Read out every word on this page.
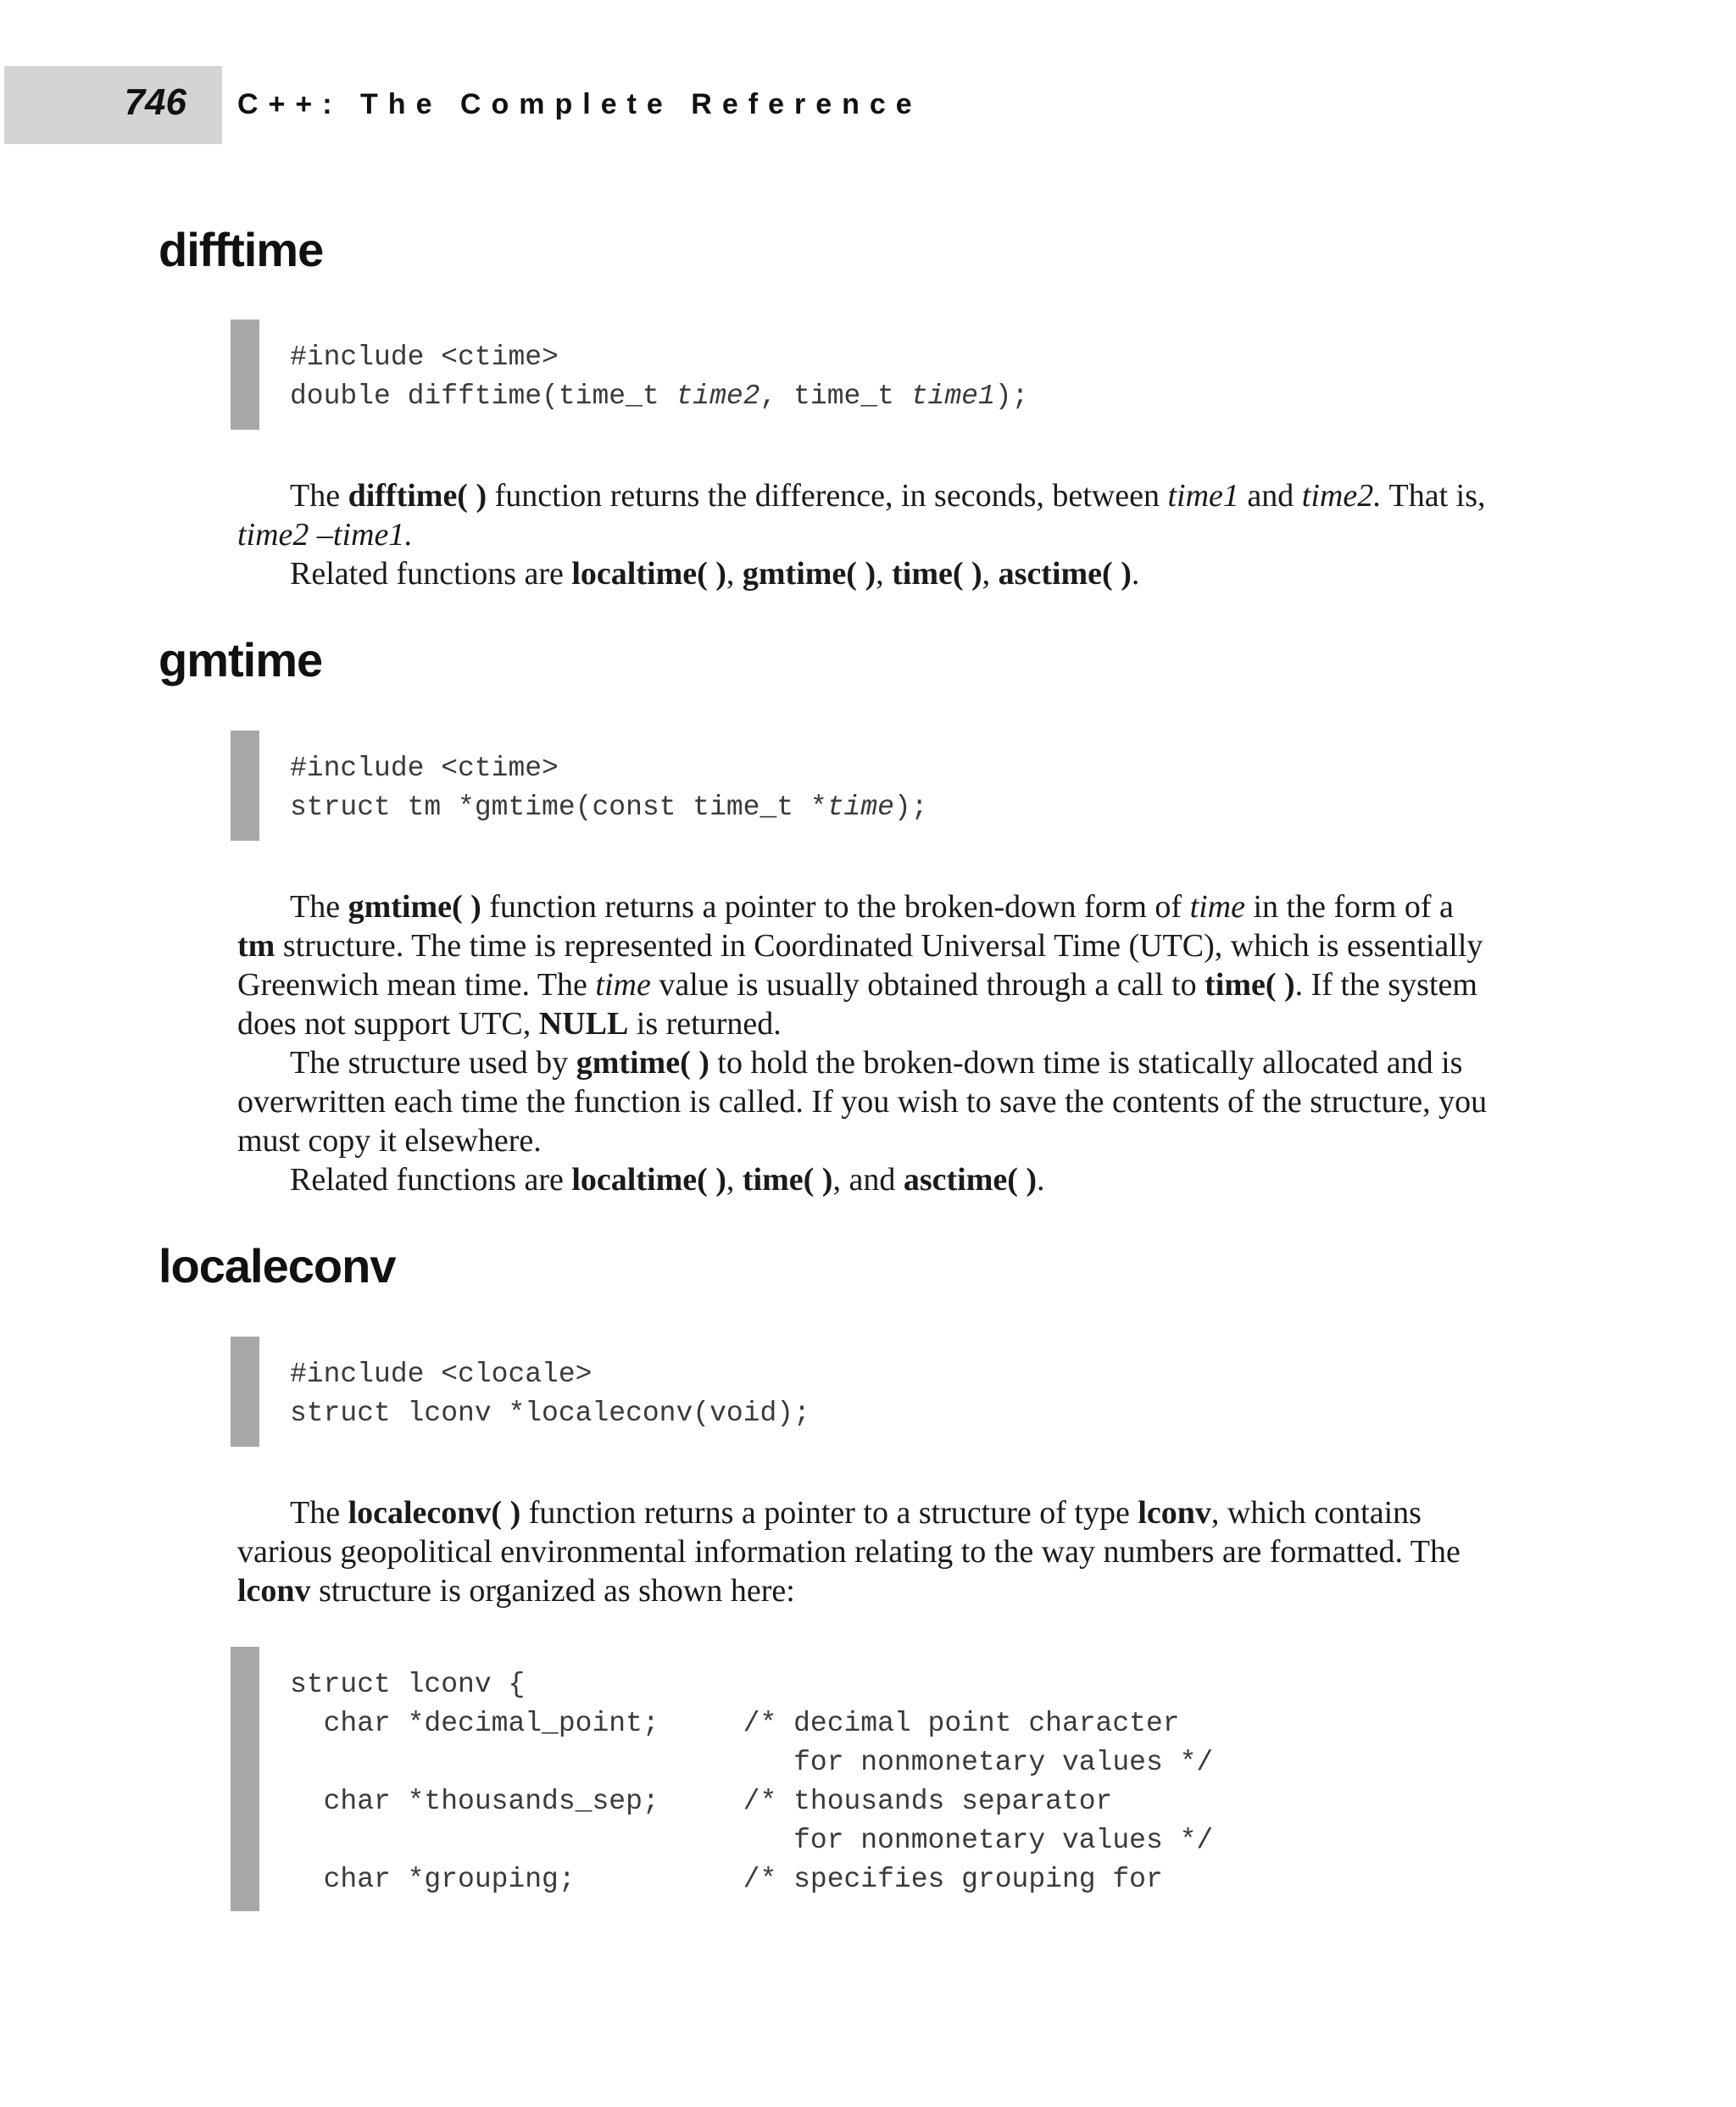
746 C++: The Complete Reference
difftime
#include <ctime>
double difftime(time_t time2, time_t time1);

The difftime( ) function returns the difference, in seconds, between time1 and time2. That is, time2 –time1.

Related functions are localtime( ), gmtime( ), time( ), asctime( ).

gmtime
#include <ctime>
struct tm *gmtime(const time_t *time);

The gmtime( ) function returns a pointer to the broken-down form of time in the form of a tm structure. The time is represented in Coordinated Universal Time (UTC), which is essentially Greenwich mean time. The time value is usually obtained through a call to time( ). If the system does not support UTC, NULL is returned.

The structure used by gmtime( ) to hold the broken-down time is statically allocated and is overwritten each time the function is called. If you wish to save the contents of the structure, you must copy it elsewhere.

Related functions are localtime( ), time( ), and asctime( ).

localeconv
#include <clocale>
struct lconv *localeconv(void);

The localeconv( ) function returns a pointer to a structure of type lconv, which contains various geopolitical environmental information relating to the way numbers are formatted. The lconv structure is organized as shown here:

struct lconv {
char *decimal_point;     /* decimal point character
for nonmonetary values */
char *thousands_sep;     /* thousands separator
for nonmonetary values */
char *grouping;          /* specifies grouping for
